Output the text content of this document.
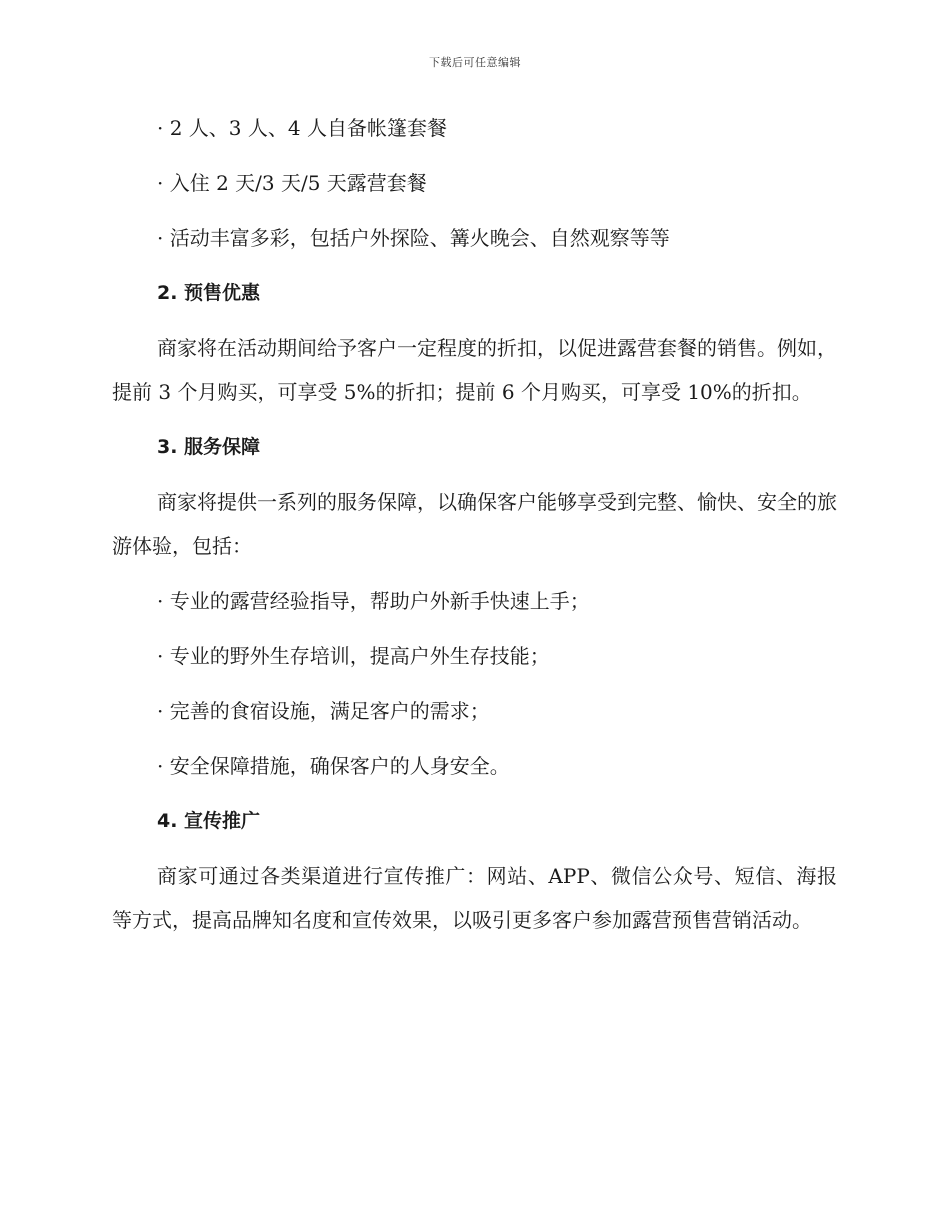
下载后可任意编辑
· 2 人、3 人、4 人自备帐篷套餐
· 入住 2 天/3 天/5 天露营套餐
· 活动丰富多彩，包括户外探险、篝火晚会、自然观察等等
2. 预售优惠

商家将在活动期间给予客户一定程度的折扣，以促进露营套餐的销售。例如，提前 3 个月购买，可享受 5%的折扣；提前 6 个月购买，可享受 10%的折扣。

3. 服务保障

商家将提供一系列的服务保障，以确保客户能够享受到完整、愉快、安全的旅游体验，包括：

· 专业的露营经验指导，帮助户外新手快速上手；
· 专业的野外生存培训，提高户外生存技能；
· 完善的食宿设施，满足客户的需求；
· 安全保障措施，确保客户的人身安全。
4. 宣传推广

商家可通过各类渠道进行宣传推广：网站、APP、微信公众号、短信、海报等方式，提高品牌知名度和宣传效果，以吸引更多客户参加露营预售营销活动。
